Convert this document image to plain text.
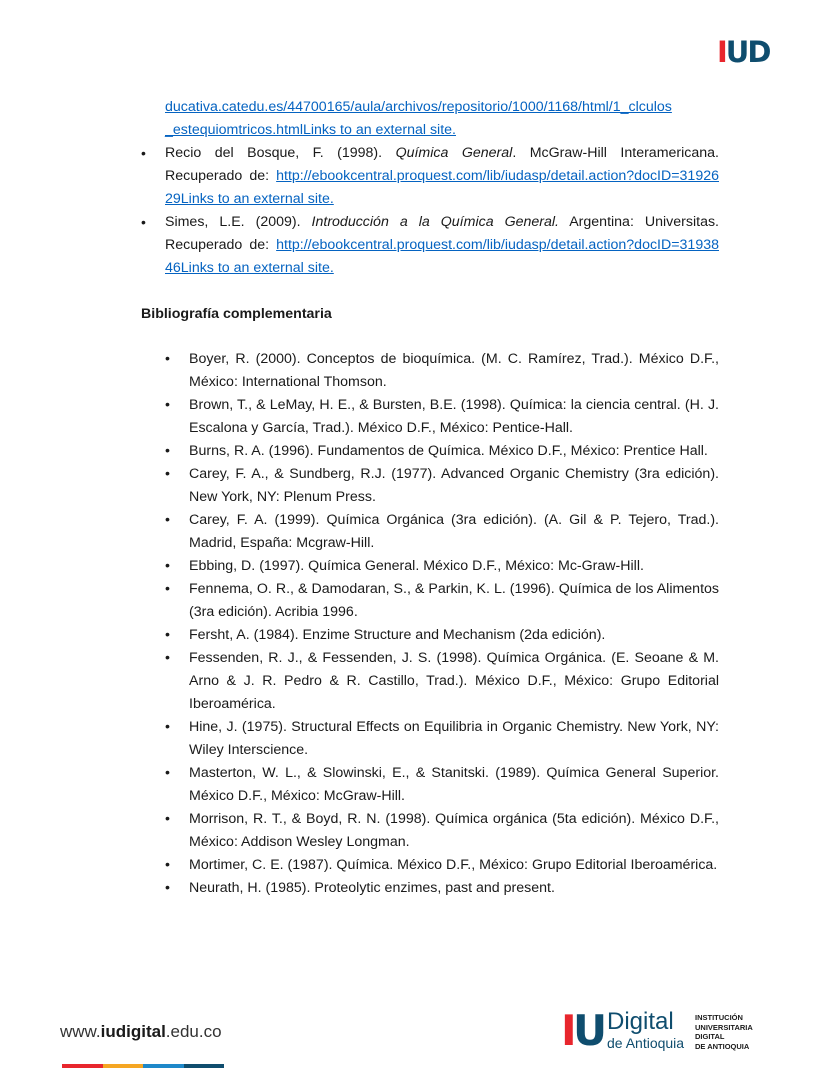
IUD
ducativa.catedu.es/44700165/aula/archivos/repositorio/1000/1168/html/1_clculos
_estequiomtricos.htmlLinks to an external site.
• Recio del Bosque, F. (1998). Química General. McGraw-Hill Interamericana. Recuperado de: http://ebookcentral.proquest.com/lib/iudasp/detail.action?docID=3192629Links to an external site.
• Simes, L.E. (2009). Introducción a la Química General. Argentina: Universitas. Recuperado de: http://ebookcentral.proquest.com/lib/iudasp/detail.action?docID=3193846Links to an external site.
Bibliografía complementaria
• Boyer, R. (2000). Conceptos de bioquímica. (M. C. Ramírez, Trad.). México D.F., México: International Thomson.
• Brown, T., & LeMay, H. E., & Bursten, B.E. (1998). Química: la ciencia central. (H. J. Escalona y García, Trad.). México D.F., México: Pentice-Hall.
• Burns, R. A. (1996). Fundamentos de Química. México D.F., México: Prentice Hall.
• Carey, F. A., & Sundberg, R.J. (1977). Advanced Organic Chemistry (3ra edición). New York, NY: Plenum Press.
• Carey, F. A. (1999). Química Orgánica (3ra edición). (A. Gil & P. Tejero, Trad.). Madrid, España: Mcgraw-Hill.
• Ebbing, D. (1997). Química General. México D.F., México: Mc-Graw-Hill.
• Fennema, O. R., & Damodaran, S., & Parkin, K. L. (1996). Química de los Alimentos (3ra edición). Acribia 1996.
• Fersht, A. (1984). Enzime Structure and Mechanism (2da edición).
• Fessenden, R. J., & Fessenden, J. S. (1998). Química Orgánica. (E. Seoane & M. Arno & J. R. Pedro & R. Castillo, Trad.). México D.F., México: Grupo Editorial Iberoamérica.
• Hine, J. (1975). Structural Effects on Equilibria in Organic Chemistry. New York, NY: Wiley Interscience.
• Masterton, W. L., & Slowinski, E., & Stanitski. (1989). Química General Superior. México D.F., México: McGraw-Hill.
• Morrison, R. T., & Boyd, R. N. (1998). Química orgánica (5ta edición). México D.F., México: Addison Wesley Longman.
• Mortimer, C. E. (1987). Química. México D.F., México: Grupo Editorial Iberoamérica.
• Neurath, H. (1985). Proteolytic enzimes, past and present.
www.iudigital.edu.co	I
U Digital
de Antioquia
INSTITUCIÓN
UNIVERSITARIA
DIGITAL
DE ANTIOQUIA
